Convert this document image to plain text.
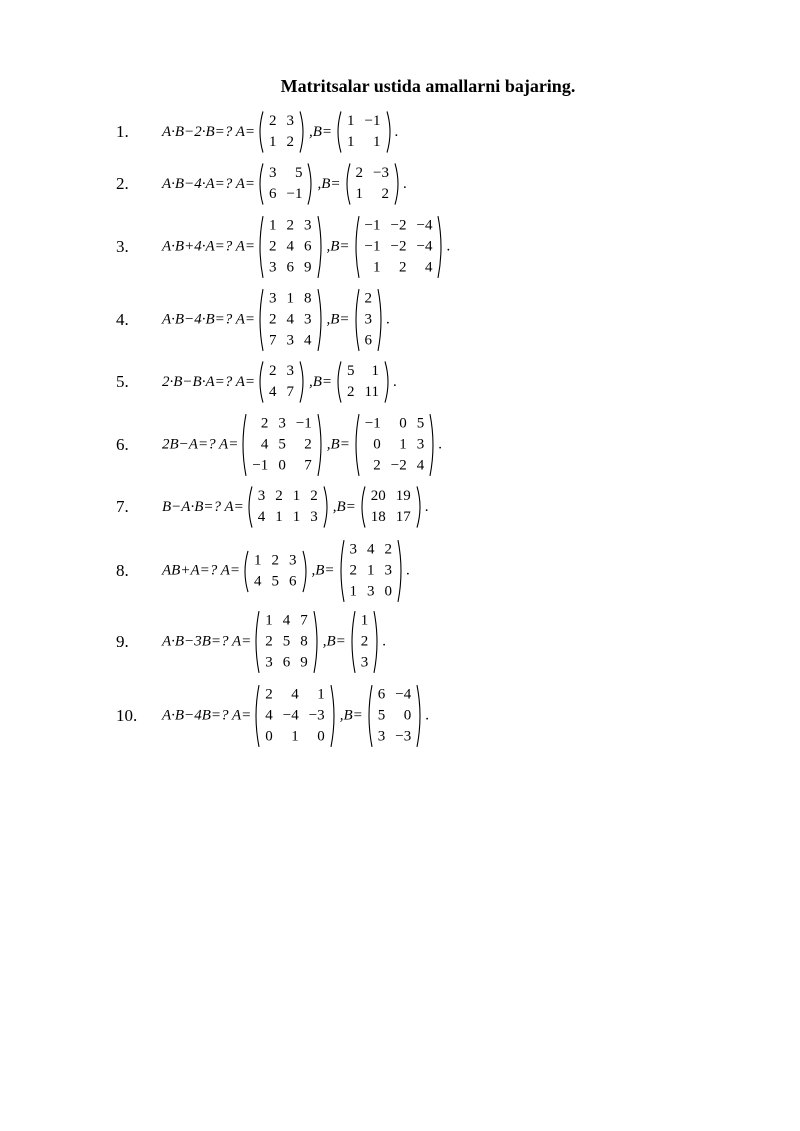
Matritsalar ustida amallarni bajaring.
1. A·B−2·B=? A=
2	3
1	2
,B=
1	−1
1	1
.
2. A·B−4·A=? A=
3	5
6	−1
,B=
2	−3
1	2
.
3. A·B+4·A=? A=
1	2	3
2	4	6
3	6	9
,B=
−1	−2	−4
−1	−2	−4
1	2	4
.
4. A·B−4·B=? A=
3	1	8
2	4	3
7	3	4
,B=
2
3
6
.
5. 2·B−B·A=? A=
2	3
4	7
,B=
5	1
2	11
.
6. 2B−A=? A=
2	3	−1
4	5	2
−1	0	7
,B=
−1	0	5
0	1	3
2	−2	4
.
7. B−A·B=? A=
3	2	1	2
4	1	1	3
,B=
20	19
18	17
.
8. AB+A=? A=
1	2	3
4	5	6
,B=
3	4	2
2	1	3
1	3	0
.
9. A·B−3B=? A=
1	4	7
2	5	8
3	6	9
,B=
1
2
3
.
10. A·B−4B=? A=
2	4	1
4	−4	−3
0	1	0
,B=
6	−4
5	0
3	−3
.
